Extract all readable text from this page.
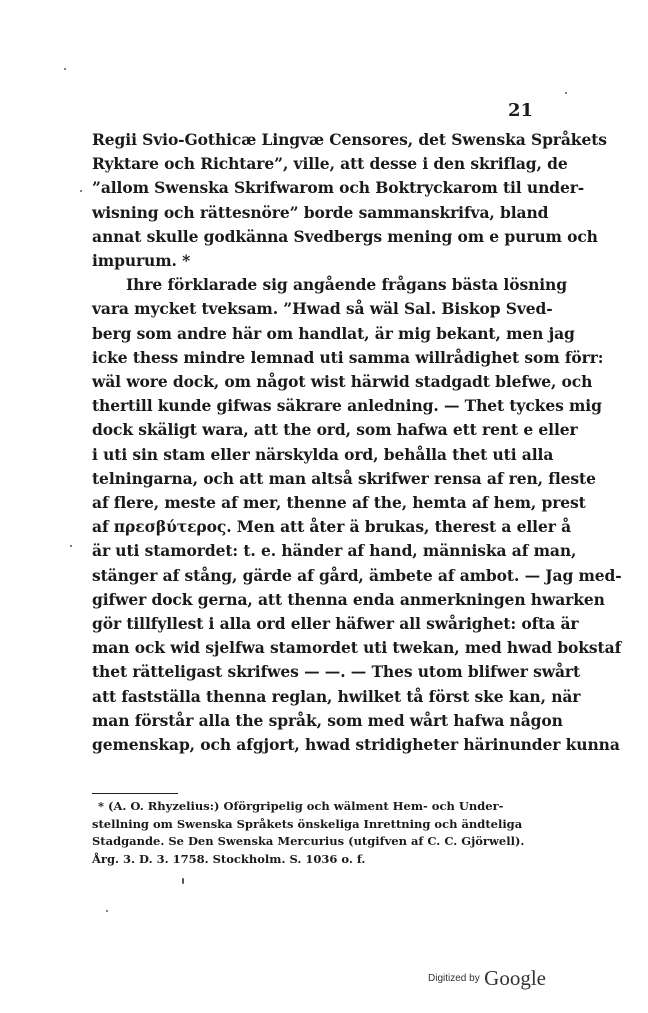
21
Regii Svio-Gothicæ Lingvæ Censores, det Swenska Språkets
Ryktare och Richtare”, ville, att desse i den skriflag, de
”allom Swenska Skrifwarom och Boktryckarom til under-
wisning och rättesnöre” borde sammanskrifva, bland
annat skulle godkänna Svedbergs mening om e purum och
impurum. *
Ihre förklarade sig angående frågans bästa lösning
vara mycket tveksam. ”Hwad så wäl Sal. Biskop Sved-
berg som andre här om handlat, är mig bekant, men jag
icke thess mindre lemnad uti samma willrådighet som förr:
wäl wore dock, om något wist härwid stadgadt blefwe, och
thertill kunde gifwas säkrare anledning. — Thet tyckes mig
dock skäligt wara, att the ord, som hafwa ett rent e eller
i uti sin stam eller närskylda ord, behålla thet uti alla
telningarna, och att man altså skrifwer rensa af ren, fleste
af flere, meste af mer, thenne af the, hemta af hem, prest
af πρεσβύτερος. Men att åter ä brukas, therest a eller å
är uti stamordet: t. e. händer af hand, människa af man,
stänger af stång, gärde af gård, ämbete af ambot. — Jag med-
gifwer dock gerna, att thenna enda anmerkningen hwarken
gör tillfyllest i alla ord eller häfwer all swårighet: ofta är
man ock wid sjelfwa stamordet uti twekan, med hwad bokstaf
thet rätteligast skrifwes — —. — Thes utom blifwer swårt
att fastställa thenna reglan, hwilket tå först ske kan, när
man förstår alla the språk, som med wårt hafwa någon
gemenskap, och afgjort, hwad stridigheter härinunder kunna
* (A. O. Rhyzelius:) Oförgripelig och wälment Hem- och Under-
stellning om Swenska Språkets önskeliga Inrettning och ändteliga
Stadgande. Se Den Swenska Mercurius (utgifven af C. C. Gjörwell).
Årg. 3. D. 3. 1758. Stockholm. S. 1036 o. f.
Digitized by Google
